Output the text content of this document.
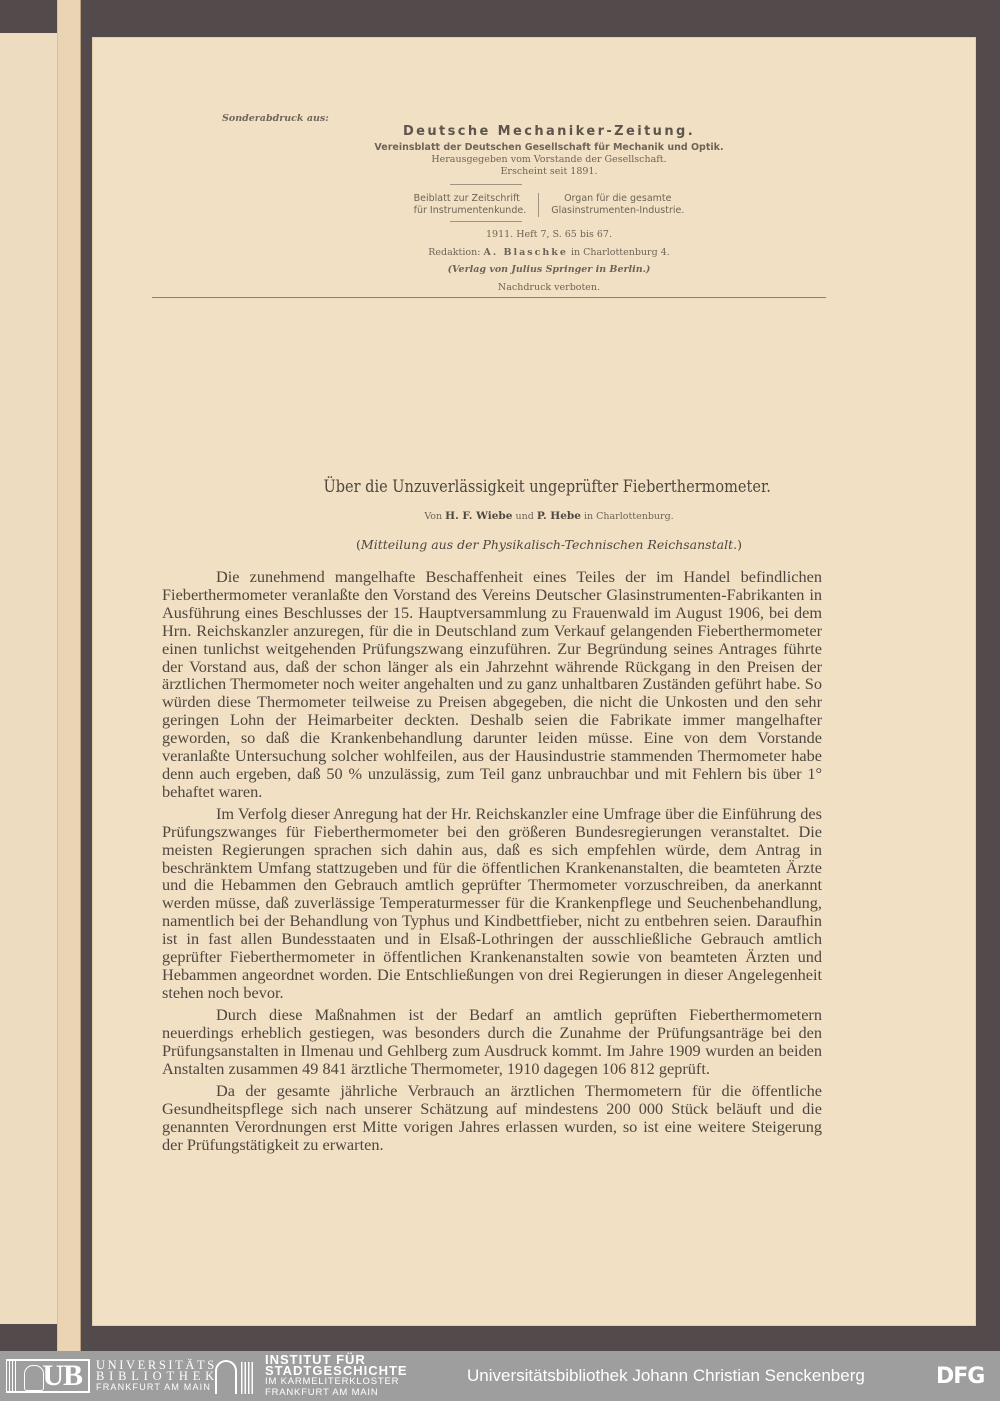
Sonderabdruck aus:
Deutsche Mechaniker-Zeitung.
Vereinsblatt der Deutschen Gesellschaft für Mechanik und Optik.
Herausgegeben vom Vorstande der Gesellschaft.
Erscheint seit 1891.
Beiblatt zur Zeitschrift
für Instrumentenkunde.
Organ für die gesamte
Glasinstrumenten-Industrie.
1911. Heft 7, S. 65 bis 67.
Redaktion: A. Blaschke in Charlottenburg 4.
(Verlag von Julius Springer in Berlin.)
Nachdruck verboten.
Über die Unzuverlässigkeit ungeprüfter Fieberthermometer.
Von H. F. Wiebe und P. Hebe in Charlottenburg.
(Mitteilung aus der Physikalisch-Technischen Reichsanstalt.)

Die zunehmend mangelhafte Beschaffenheit eines Teiles der im Handel befindlichen Fieberthermometer veranlaßte den Vorstand des Vereins Deutscher Glasinstrumenten-Fabrikanten in Ausführung eines Beschlusses der 15. Hauptversammlung zu Frauenwald im August 1906, bei dem Hrn. Reichskanzler anzuregen, für die in Deutschland zum Verkauf gelangenden Fieberthermometer einen tunlichst weitgehenden Prüfungszwang einzuführen. Zur Begründung seines Antrages führte der Vorstand aus, daß der schon länger als ein Jahrzehnt währende Rückgang in den Preisen der ärztlichen Thermometer noch weiter angehalten und zu ganz unhaltbaren Zuständen geführt habe. So würden diese Thermometer teilweise zu Preisen abgegeben, die nicht die Unkosten und den sehr geringen Lohn der Heimarbeiter deckten. Deshalb seien die Fabrikate immer mangelhafter geworden, so daß die Krankenbehandlung darunter leiden müsse. Eine von dem Vorstande veranlaßte Untersuchung solcher wohlfeilen, aus der Hausindustrie stammenden Thermometer habe denn auch ergeben, daß 50 % unzulässig, zum Teil ganz unbrauchbar und mit Fehlern bis über 1° behaftet waren.

Im Verfolg dieser Anregung hat der Hr. Reichskanzler eine Umfrage über die Einführung des Prüfungszwanges für Fieberthermometer bei den größeren Bundesregierungen veranstaltet. Die meisten Regierungen sprachen sich dahin aus, daß es sich empfehlen würde, dem Antrag in beschränktem Umfang stattzugeben und für die öffentlichen Krankenanstalten, die beamteten Ärzte und die Hebammen den Gebrauch amtlich geprüfter Thermometer vorzuschreiben, da anerkannt werden müsse, daß zuverlässige Temperaturmesser für die Krankenpflege und Seuchenbehandlung, namentlich bei der Behandlung von Typhus und Kindbettfieber, nicht zu entbehren seien. Daraufhin ist in fast allen Bundesstaaten und in Elsaß-Lothringen der ausschließliche Gebrauch amtlich geprüfter Fieberthermometer in öffentlichen Krankenanstalten sowie von beamteten Ärzten und Hebammen angeordnet worden. Die Entschließungen von drei Regierungen in dieser Angelegenheit stehen noch bevor.

Durch diese Maßnahmen ist der Bedarf an amtlich geprüften Fieberthermometern neuerdings erheblich gestiegen, was besonders durch die Zunahme der Prüfungsanträge bei den Prüfungsanstalten in Ilmenau und Gehlberg zum Ausdruck kommt. Im Jahre 1909 wurden an beiden Anstalten zusammen 49 841 ärztliche Thermometer, 1910 dagegen 106 812 geprüft.

Da der gesamte jährliche Verbrauch an ärztlichen Thermometern für die öffentliche Gesundheitspflege sich nach unserer Schätzung auf mindestens 200 000 Stück beläuft und die genannten Verordnungen erst Mitte vorigen Jahres erlassen wurden, so ist eine weitere Steigerung der Prüfungstätigkeit zu erwarten.

UB UNIVERSITÄTS
BIBLIOTHEK
FRANKFURT AM MAIN
INSTITUT FÜR
STADTGESCHICHTE
IM KARMELITERKLOSTER
FRANKFURT AM MAIN
Universitätsbibliothek Johann Christian Senckenberg	DFG
